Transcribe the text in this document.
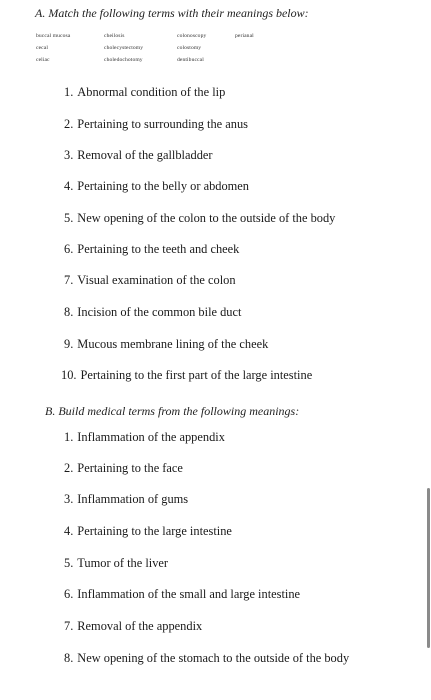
A. Match the following terms with their meanings below:
buccal mucosa
cecal
celiac
cheilosis
cholecystectomy
choledochotomy
colonoscopy
colostomy
dentibuccal
perianal
1. Abnormal condition of the lip
2. Pertaining to surrounding the anus
3. Removal of the gallbladder
4. Pertaining to the belly or abdomen
5. New opening of the colon to the outside of the body
6. Pertaining to the teeth and cheek
7. Visual examination of the colon
8. Incision of the common bile duct
9. Mucous membrane lining of the cheek
10. Pertaining to the first part of the large intestine
B. Build medical terms from the following meanings:
1. Inflammation of the appendix
2. Pertaining to the face
3. Inflammation of gums
4. Pertaining to the large intestine
5. Tumor of the liver
6. Inflammation of the small and large intestine
7. Removal of the appendix
8. New opening of the stomach to the outside of the body
